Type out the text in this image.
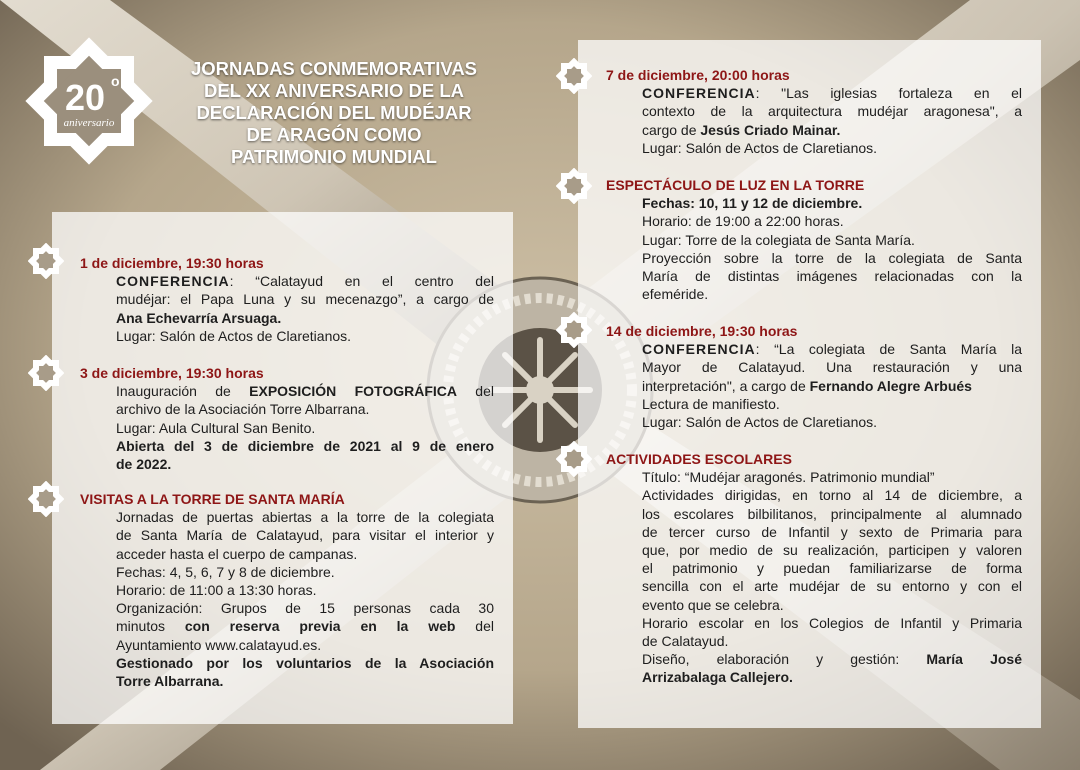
20 o
aniversario
JORNADAS CONMEMORATIVAS
DEL XX ANIVERSARIO DE LA
DECLARACIÓN DEL MUDÉJAR
DE ARAGÓN COMO
PATRIMONIO MUNDIAL

1 de diciembre, 19:30 horas

CONFERENCIA: “Calatayud en el centro del
mudéjar: el Papa Luna y su mecenazgo”, a cargo de
Ana Echevarría Arsuaga.
Lugar: Salón de Actos de Claretianos.

3 de diciembre, 19:30 horas

Inauguración de EXPOSICIÓN FOTOGRÁFICA del
archivo de la Asociación Torre Albarrana.
Lugar: Aula Cultural San Benito.
Abierta del 3 de diciembre de 2021 al 9 de enero
de 2022.

VISITAS A LA TORRE DE SANTA MARÍA

Jornadas de puertas abiertas a la torre de la colegiata
de Santa María de Calatayud, para visitar el interior y
acceder hasta el cuerpo de campanas.
Fechas: 4, 5, 6, 7 y 8 de diciembre.
Horario: de 11:00 a 13:30 horas.
Organización: Grupos de 15 personas cada 30
minutos con reserva previa en la web del
Ayuntamiento www.calatayud.es.
Gestionado por los voluntarios de la Asociación
Torre Albarrana.

7 de diciembre, 20:00 horas

CONFERENCIA: "Las iglesias fortaleza en el
contexto de la arquitectura mudéjar aragonesa", a
cargo de Jesús Criado Mainar.
Lugar: Salón de Actos de Claretianos.

ESPECTÁCULO DE LUZ EN LA TORRE

Fechas: 10, 11 y 12 de diciembre.
Horario: de 19:00 a 22:00 horas.
Lugar: Torre de la colegiata de Santa María.
Proyección sobre la torre de la colegiata de Santa
María de distintas imágenes relacionadas con la
efeméride.

14 de diciembre, 19:30 horas

CONFERENCIA: “La colegiata de Santa María la
Mayor de Calatayud. Una restauración y una
interpretación", a cargo de Fernando Alegre Arbués
Lectura de manifiesto.
Lugar: Salón de Actos de Claretianos.

ACTIVIDADES ESCOLARES

Título: “Mudéjar aragonés. Patrimonio mundial”
Actividades dirigidas, en torno al 14 de diciembre, a
los escolares bilbilitanos, principalmente al alumnado
de tercer curso de Infantil y sexto de Primaria para
que, por medio de su realización, participen y valoren
el patrimonio y puedan familiarizarse de forma
sencilla con el arte mudéjar de su entorno y con el
evento que se celebra.
Horario escolar en los Colegios de Infantil y Primaria
de Calatayud.
Diseño, elaboración y gestión: María José
Arrizabalaga Callejero.
